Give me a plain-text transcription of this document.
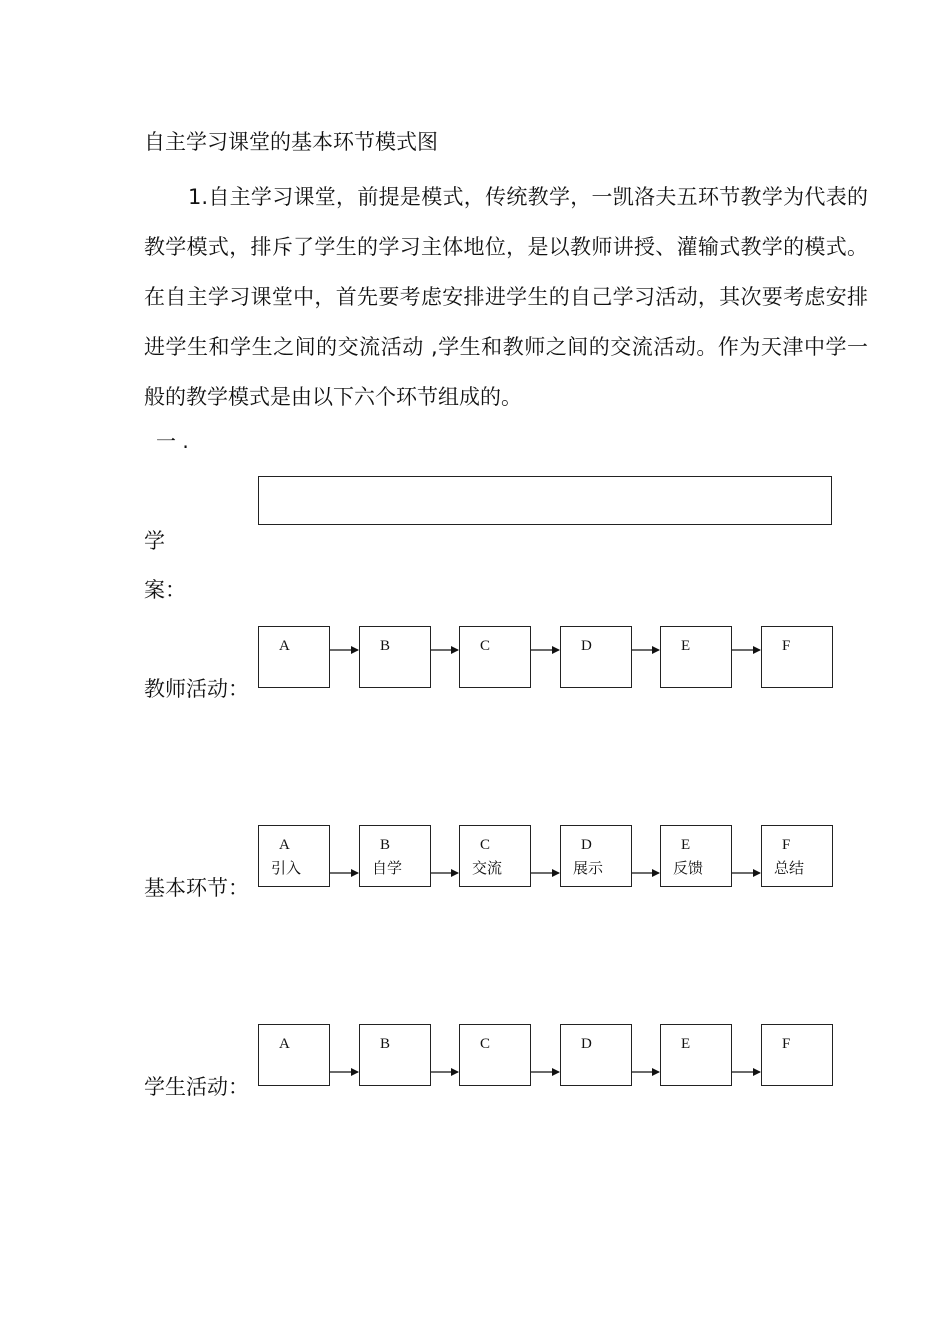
自主学习课堂的基本环节模式图
1.自主学习课堂，前提是模式，传统教学，一凯洛夫五环节教学为代表的教学模式，排斥了学生的学习主体地位，是以教师讲授、灌输式教学的模式。在自主学习课堂中，首先要考虑安排进学生的自己学习活动，其次要考虑安排进学生和学生之间的交流活动 ,学生和教师之间的交流活动。作为天津中学一般的教学模式是由以下六个环节组成的。
一 .
学
案：
教师活动：
A	B	C	D	E	F
基本环节：
A
引入
B
自学
C
交流
D
展示
E
反馈
F
总结
学生活动：
A	B	C	D	E	F
